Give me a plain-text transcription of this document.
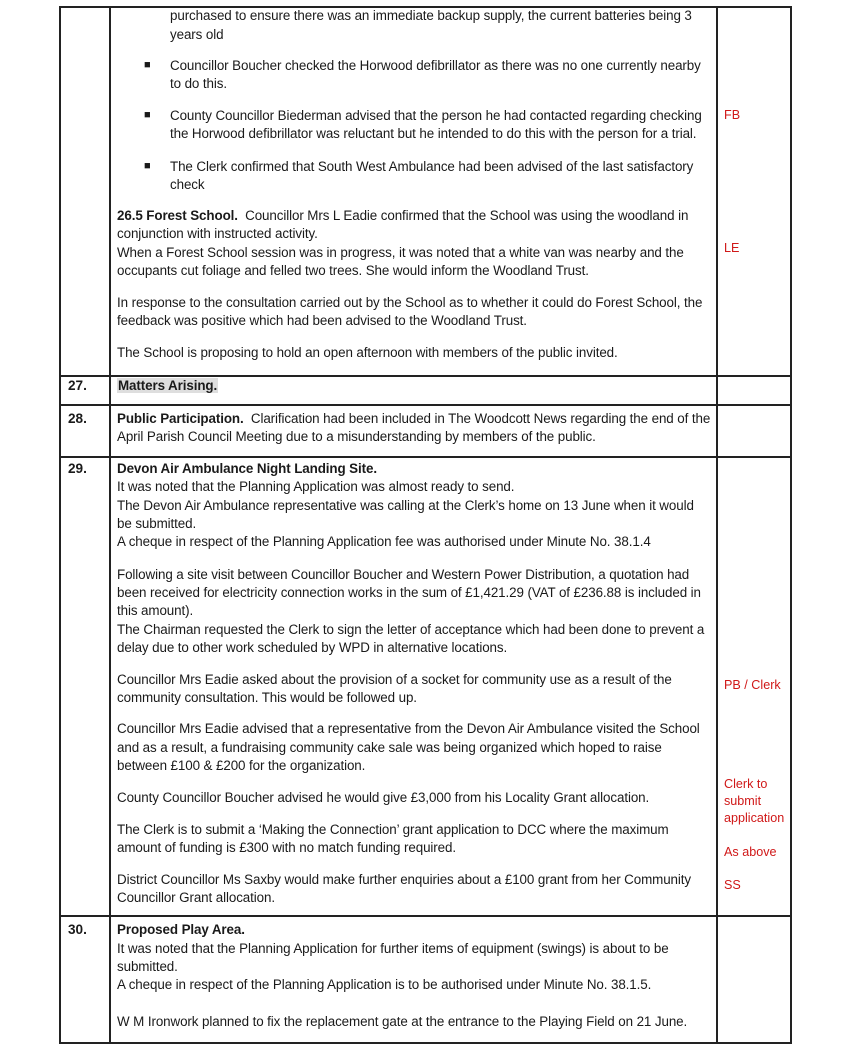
purchased to ensure there was an immediate backup supply, the current batteries being 3
years old
■ Councillor Boucher checked the Horwood defibrillator as there was no one currently nearby
to do this.
■ County Councillor Biederman advised that the person he had contacted regarding checking
the Horwood defibrillator was reluctant but he intended to do this with the person for a trial.
FB
■ The Clerk confirmed that South West Ambulance had been advised of the last satisfactory
check
26.5 Forest School. Councillor Mrs L Eadie confirmed that the School was using the woodland in
conjunction with instructed activity.
When a Forest School session was in progress, it was noted that a white van was nearby and the
occupants cut foliage and felled two trees. She would inform the Woodland Trust.
LE
In response to the consultation carried out by the School as to whether it could do Forest School, the
feedback was positive which had been advised to the Woodland Trust.
The School is proposing to hold an open afternoon with members of the public invited.
27. Matters Arising.
28. Public Participation. Clarification had been included in The Woodcott News regarding the end of the
April Parish Council Meeting due to a misunderstanding by members of the public.
29. Devon Air Ambulance Night Landing Site.
It was noted that the Planning Application was almost ready to send.
The Devon Air Ambulance representative was calling at the Clerk’s home on 13 June when it would
be submitted.
A cheque in respect of the Planning Application fee was authorised under Minute No. 38.1.4
Following a site visit between Councillor Boucher and Western Power Distribution, a quotation had
been received for electricity connection works in the sum of £1,421.29 (VAT of £236.88 is included in
this amount).
The Chairman requested the Clerk to sign the letter of acceptance which had been done to prevent a
delay due to other work scheduled by WPD in alternative locations.
Councillor Mrs Eadie asked about the provision of a socket for community use as a result of the
community consultation. This would be followed up.
PB / Clerk
Councillor Mrs Eadie advised that a representative from the Devon Air Ambulance visited the School
and as a result, a fundraising community cake sale was being organized which hoped to raise
between £100 & £200 for the organization.
County Councillor Boucher advised he would give £3,000 from his Locality Grant allocation.
Clerk to
submit
application
The Clerk is to submit a ‘Making the Connection’ grant application to DCC where the maximum
amount of funding is £300 with no match funding required.	As above
District Councillor Ms Saxby would make further enquiries about a £100 grant from her Community
Councillor Grant allocation.
SS
30. Proposed Play Area.
It was noted that the Planning Application for further items of equipment (swings) is about to be
submitted.
A cheque in respect of the Planning Application is to be authorised under Minute No. 38.1.5.
W M Ironwork planned to fix the replacement gate at the entrance to the Playing Field on 21 June.
